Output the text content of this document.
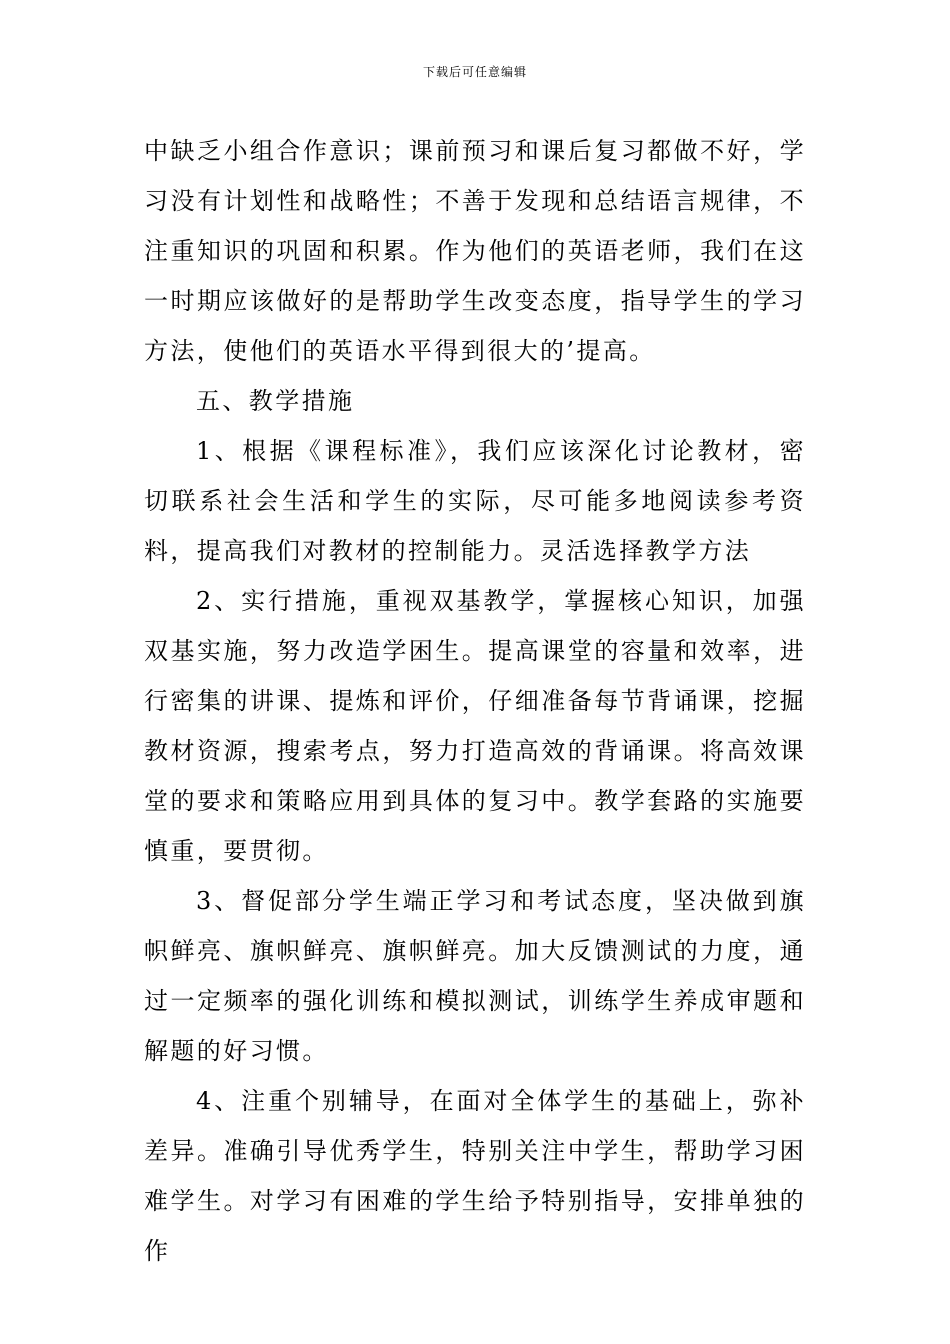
下载后可任意编辑

中缺乏小组合作意识；课前预习和课后复习都做不好，学习没有计划性和战略性；不善于发现和总结语言规律，不注重知识的巩固和积累。作为他们的英语老师，我们在这一时期应该做好的是帮助学生改变态度，指导学生的学习方法，使他们的英语水平得到很大的’提高。

五、教学措施

1、根据《课程标准》，我们应该深化讨论教材，密切联系社会生活和学生的实际，尽可能多地阅读参考资料，提高我们对教材的控制能力。灵活选择教学方法

2、实行措施，重视双基教学，掌握核心知识，加强双基实施，努力改造学困生。提高课堂的容量和效率，进行密集的讲课、提炼和评价，仔细准备每节背诵课，挖掘教材资源，搜索考点，努力打造高效的背诵课。将高效课堂的要求和策略应用到具体的复习中。教学套路的实施要慎重，要贯彻。

3、督促部分学生端正学习和考试态度，坚决做到旗帜鲜亮、旗帜鲜亮、旗帜鲜亮。加大反馈测试的力度，通过一定频率的强化训练和模拟测试，训练学生养成审题和解题的好习惯。

4、注重个别辅导，在面对全体学生的基础上，弥补差异。准确引导优秀学生，特别关注中学生，帮助学习困难学生。对学习有困难的学生给予特别指导，安排单独的作
